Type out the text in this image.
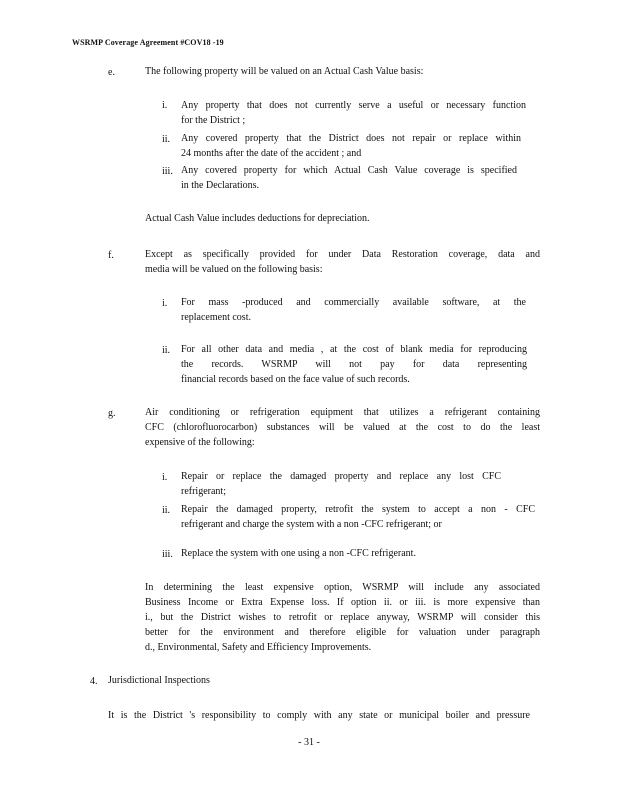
WSRMP Coverage Agreement #COV18 -19
e.	The following property will be valued on an Actual Cash Value basis:
i. Any property that does not currently serve a useful or necessary function
for the District ;
ii. Any covered property that the District does not repair or replace within
24 months after the date of the accident ; and
iii. Any covered property for which Actual Cash Value coverage is specified
in the Declarations.
Actual Cash Value includes deductions for depreciation.
f.	Except as specifically provided for under Data Restoration coverage, data and
media will be valued on the following basis:
i. For mass -produced and commercially available software, at the
replacement cost.
ii. For all other data and media , at the cost of blank media for reproducing
the records. WSRMP will not pay for data representing
financial records based on the face value of such records.
g.	Air conditioning or refrigeration equipment that utilizes a refrigerant containing
CFC (chlorofluorocarbon) substances will be valued at the cost to do the least
expensive of the following:
i. Repair or replace the damaged property and replace any lost CFC
refrigerant;
ii. Repair the damaged property, retrofit the system to accept a non - CFC
refrigerant and charge the system with a non -CFC refrigerant; or
iii. Replace the system with one using a non -CFC refrigerant.
In determining the least expensive option, WSRMP will include any associated
Business Income or Extra Expense loss. If option ii. or iii. is more expensive than
i., but the District wishes to retrofit or replace anyway, WSRMP will consider this
better for the environment and therefore eligible for valuation under paragraph
d., Environmental, Safety and Efficiency Improvements.
4. Jurisdictional Inspections
It is the District 's responsibility to comply with any state or municipal boiler and pressure
- 31 -
